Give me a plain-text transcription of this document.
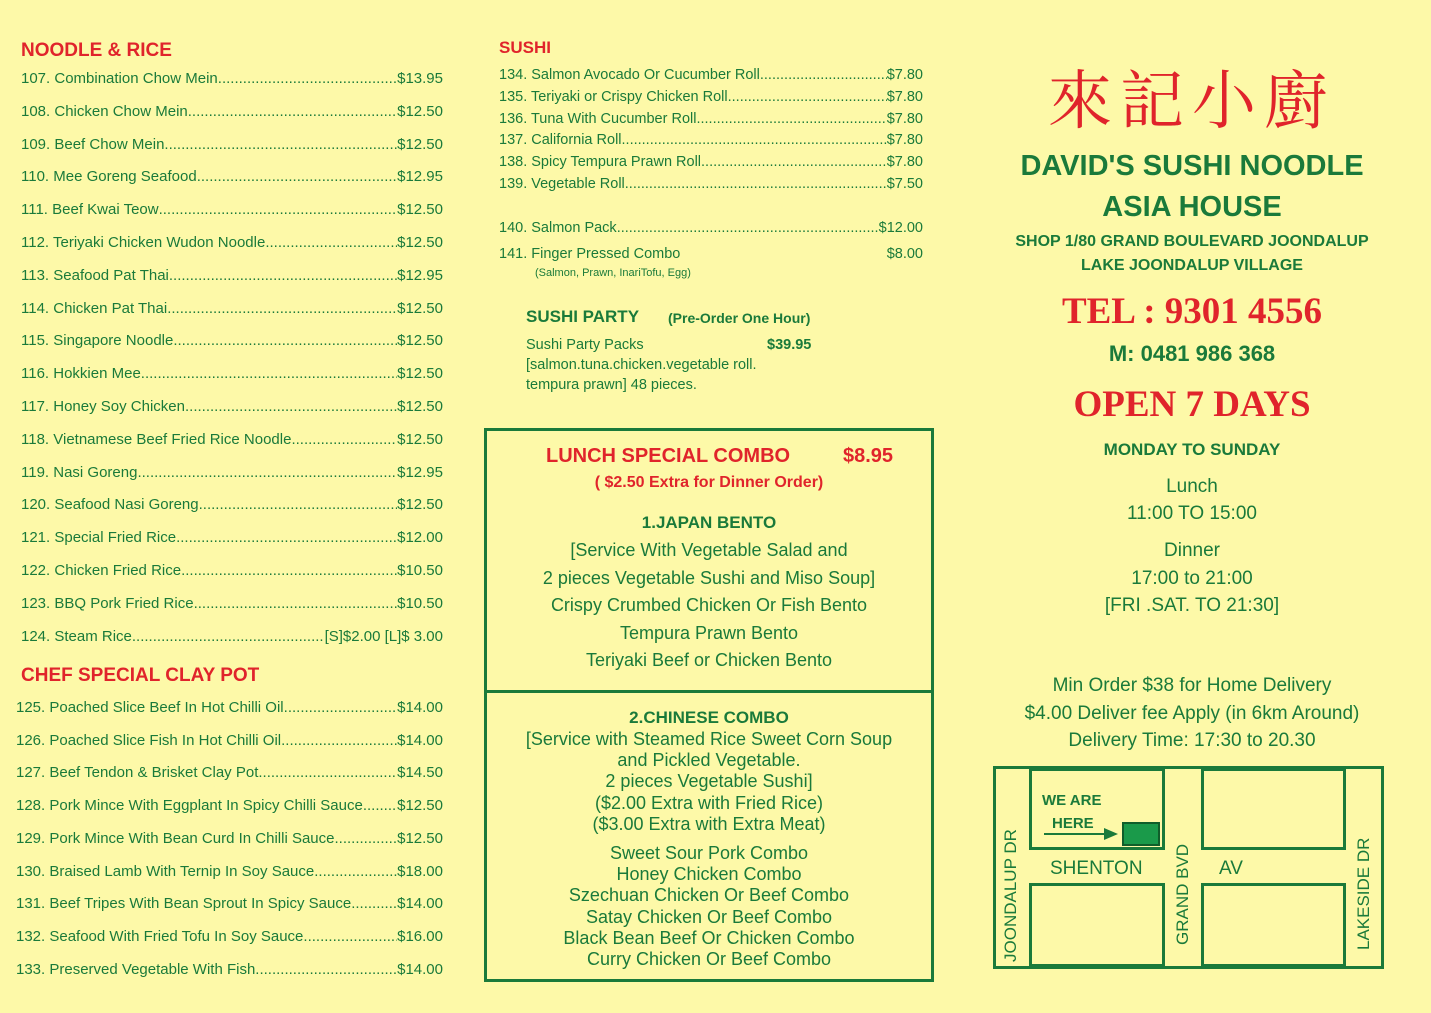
NOODLE & RICE
107. Combination Chow Mein .....	$13.95
108. Chicken Chow Mein .....	$12.50
109. Beef Chow Mein .....	$12.50
110. Mee Goreng Seafood .....	$12.95
111. Beef Kwai Teow .....	$12.50
112. Teriyaki Chicken Wudon Noodle .....	$12.50
113. Seafood Pat Thai .....	$12.95
114. Chicken Pat Thai .....	$12.50
115. Singapore Noodle .....	$12.50
116. Hokkien Mee .....	$12.50
117. Honey Soy Chicken .....	$12.50
118. Vietnamese Beef Fried Rice Noodle .....	$12.50
119. Nasi Goreng .....	$12.95
120. Seafood Nasi Goreng .....	$12.50
121. Special Fried Rice .....	$12.00
122. Chicken Fried Rice .....	$10.50
123. BBQ Pork Fried Rice .....	$10.50
124. Steam Rice .....	[S]$2.00 [L]$ 3.00
CHEF SPECIAL CLAY POT
125. Poached Slice Beef In Hot Chilli Oil .....	$14.00
126. Poached Slice Fish In Hot Chilli Oil .....	$14.00
127. Beef Tendon & Brisket Clay Pot .....	$14.50
128. Pork Mince With Eggplant In Spicy Chilli Sauce ..... $12.50
129. Pork Mince With Bean Curd In Chilli Sauce .....	$12.50
130. Braised Lamb With Ternip In Soy Sauce .....	$18.00
131. Beef Tripes With Bean Sprout In Spicy Sauce .....	$14.00
132. Seafood With Fried Tofu In Soy Sauce .....	$16.00
133. Preserved Vegetable With Fish .....	$14.00
SUSHI
134. Salmon Avocado Or Cucumber Roll .....	$7.80
135. Teriyaki or Crispy Chicken Roll .....	$7.80
136. Tuna With Cucumber Roll .....	$7.80
137. California Roll .....	$7.80
138. Spicy Tempura Prawn Roll .....	$7.80
139. Vegetable Roll .....	$7.50
140. Salmon Pack .....	$12.00
141. Finger Pressed Combo	$8.00
(Salmon, Prawn, InariTofu, Egg)
SUSHI PARTY (Pre-Order One Hour)
Sushi Party Packs	$39.95
[salmon.tuna.chicken.vegetable roll.
tempura prawn] 48 pieces.
LUNCH SPECIAL COMBO	$8.95
( $2.50 Extra for Dinner Order)
1.JAPAN BENTO
[Service With Vegetable Salad and
2 pieces Vegetable Sushi and Miso Soup]
Crispy Crumbed Chicken Or Fish Bento
Tempura Prawn Bento
Teriyaki Beef or Chicken Bento
2.CHINESE COMBO
[Service with Steamed Rice Sweet Corn Soup
and Pickled Vegetable.
2 pieces Vegetable Sushi]
($2.00 Extra with Fried Rice)
($3.00 Extra with Extra Meat)
Sweet Sour Pork Combo
Honey Chicken Combo
Szechuan Chicken Or Beef Combo
Satay Chicken Or Beef Combo
Black Bean Beef Or Chicken Combo
Curry Chicken Or Beef Combo
來記小廚
DAVID'S SUSHI NOODLE
ASIA HOUSE
SHOP 1/80 GRAND BOULEVARD JOONDALUP
LAKE JOONDALUP VILLAGE
TEL : 9301 4556
M: 0481 986 368
OPEN 7 DAYS
MONDAY TO SUNDAY
Lunch
11:00 TO 15:00
Dinner
17:00 to 21:00
[FRI .SAT. TO 21:30]
Min Order $38 for Home Delivery
$4.00 Deliver fee Apply (in 6km Around)
Delivery Time: 17:30 to 20.30
WE ARE
HERE
SHENTON	AV
JOONDALUP DR	GRAND BVD	LAKESIDE DR
